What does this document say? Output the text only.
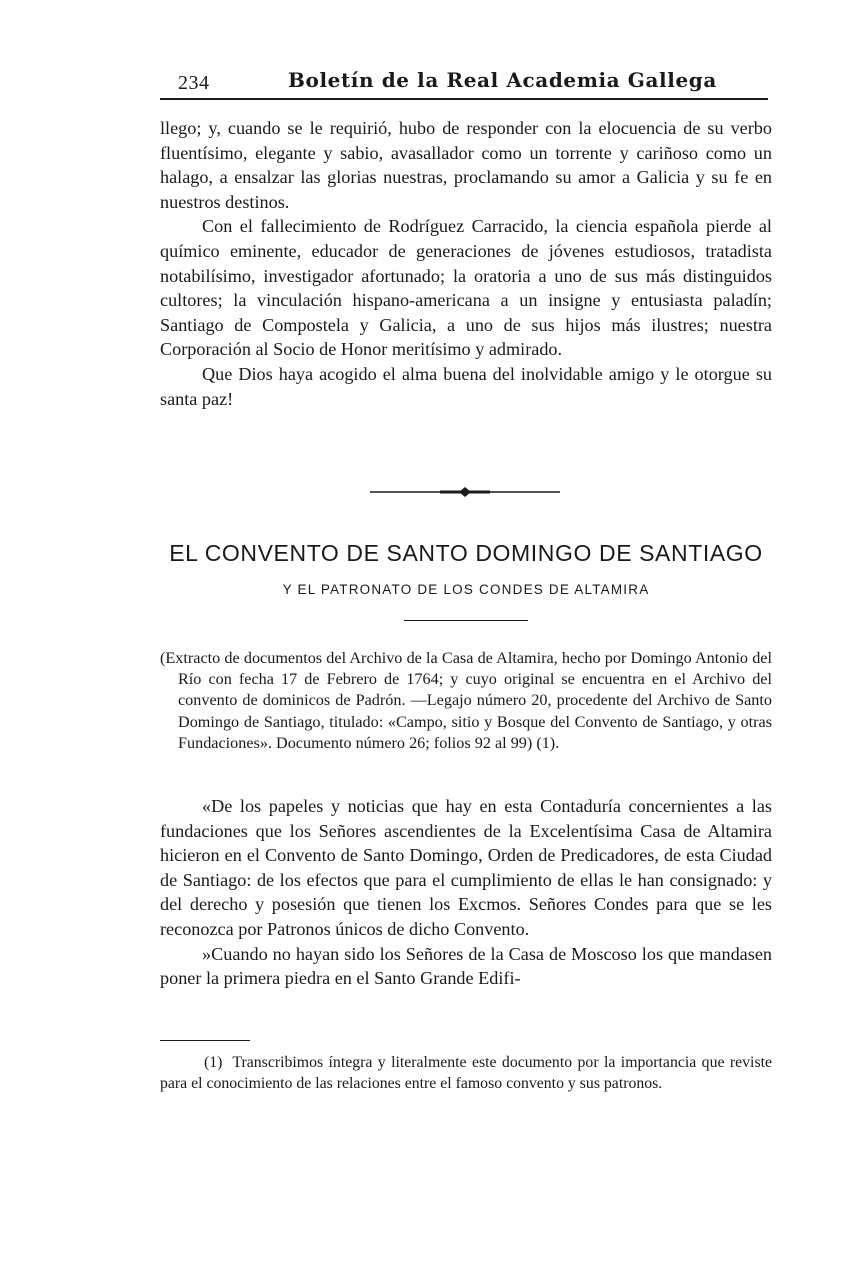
234	Boletín de la Real Academia Gallega

llego; y, cuando se le requirió, hubo de responder con la elocuencia de su verbo fluentísimo, elegante y sabio, avasallador como un torrente y cariñoso como un halago, a ensalzar las glorias nuestras, proclamando su amor a Galicia y su fe en nuestros destinos.

Con el fallecimiento de Rodríguez Carracido, la ciencia española pierde al químico eminente, educador de generaciones de jóvenes estudiosos, tratadista notabilísimo, investigador afortunado; la oratoria a uno de sus más distinguidos cultores; la vinculación hispano-americana a un insigne y entusiasta paladín; Santiago de Compostela y Galicia, a uno de sus hijos más ilustres; nuestra Corporación al Socio de Honor meritísimo y admirado.

Que Dios haya acogido el alma buena del inolvidable amigo y le otorgue su santa paz!

EL CONVENTO DE SANTO DOMINGO DE SANTIAGO
Y EL PATRONATO DE LOS CONDES DE ALTAMIRA

(Extracto de documentos del Archivo de la Casa de Altamira, hecho por Domingo Antonio del Río con fecha 17 de Febrero de 1764; y cuyo original se encuentra en el Archivo del convento de dominicos de Padrón. —Legajo número 20, procedente del Archivo de Santo Domingo de Santiago, titulado: «Campo, sitio y Bosque del Convento de Santiago, y otras Fundaciones». Documento número 26; folios 92 al 99) (1).

«De los papeles y noticias que hay en esta Contaduría concernientes a las fundaciones que los Señores ascendientes de la Excelentísima Casa de Altamira hicieron en el Convento de Santo Domingo, Orden de Predicadores, de esta Ciudad de Santiago: de los efectos que para el cumplimiento de ellas le han consignado: y del derecho y posesión que tienen los Excmos. Señores Condes para que se les reconozca por Patronos únicos de dicho Convento.

»Cuando no hayan sido los Señores de la Casa de Moscoso los que mandasen poner la primera piedra en el Santo Grande Edifi-

(1) Transcribimos íntegra y literalmente este documento por la importancia que reviste para el conocimiento de las relaciones entre el famoso convento y sus patronos.
